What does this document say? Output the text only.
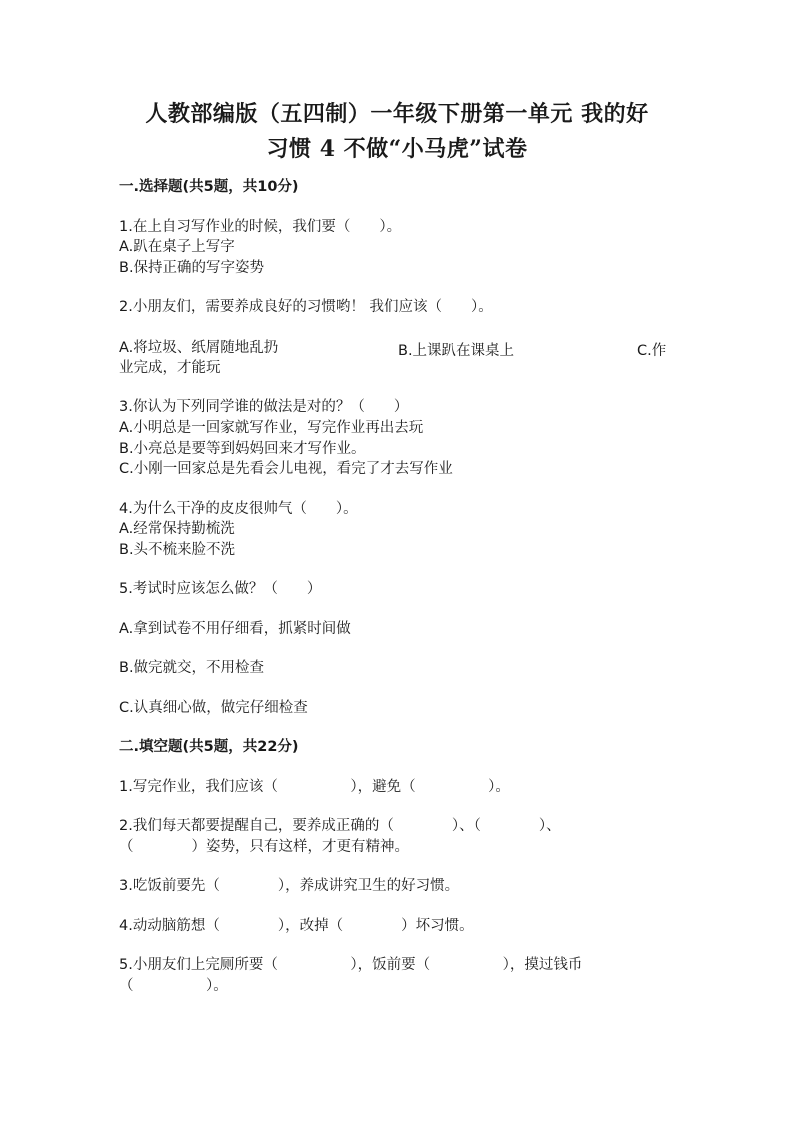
人教部编版（五四制）一年级下册第一单元 我的好
习惯 4 不做“小马虎”试卷
一.选择题(共5题，共10分)
1.在上自习写作业的时候，我们要（　　）。
A.趴在桌子上写字
B.保持正确的写字姿势
2.小朋友们，需要养成良好的习惯哟！ 我们应该（　　）。
A.将垃圾、纸屑随地乱扔	B.上课趴在课桌上	C.作
业完成，才能玩
3.你认为下列同学谁的做法是对的？（　　）
A.小明总是一回家就写作业，写完作业再出去玩
B.小亮总是要等到妈妈回来才写作业。
C.小刚一回家总是先看会儿电视，看完了才去写作业
4.为什么干净的皮皮很帅气（　　）。
A.经常保持勤梳洗
B.头不梳来脸不洗
5.考试时应该怎么做？（　　）
A.拿到试卷不用仔细看，抓紧时间做
B.做完就交，不用检查
C.认真细心做，做完仔细检查
二.填空题(共5题，共22分)
1.写完作业，我们应该（　　　　　），避免（　　　　　）。
2.我们每天都要提醒自己，要养成正确的（　　　　）、（　　　　）、
（　　　　）姿势，只有这样，才更有精神。
3.吃饭前要先（　　　　），养成讲究卫生的好习惯。
4.动动脑筋想（　　　　），改掉（　　　　）坏习惯。
5.小朋友们上完厕所要（　　　　　），饭前要（　　　　　），摸过钱币
（　　　　　）。
